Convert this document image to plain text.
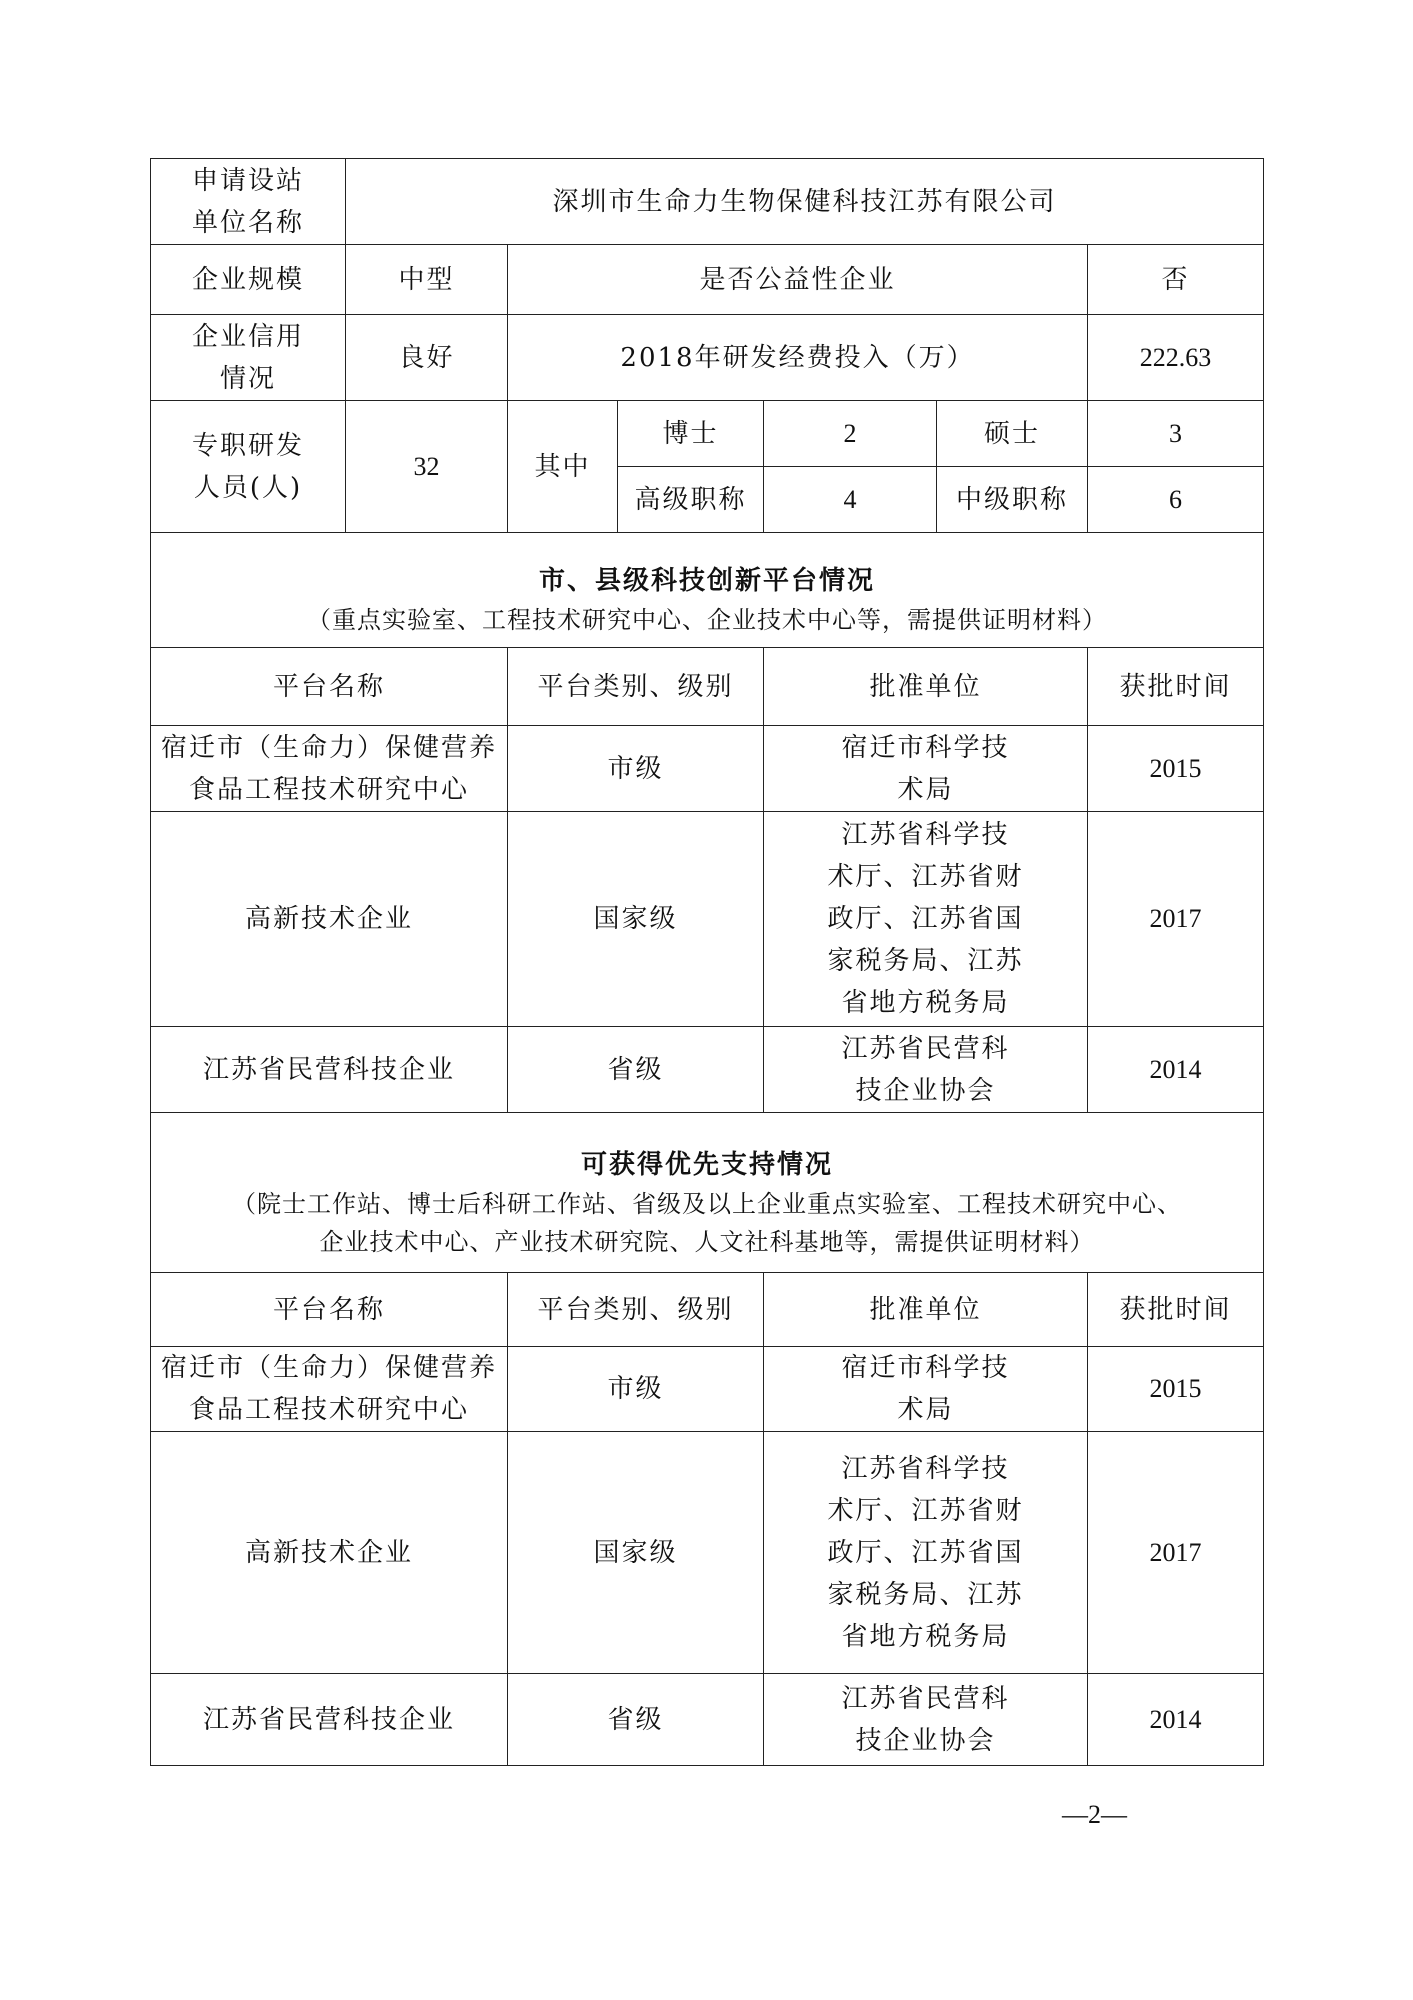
申请设站
单位名称	深圳市生命力生物保健科技江苏有限公司					
企业规模	中型	是否公益性企业				否
企业信用
情况	良好	2018年研发经费投入（万）				222.63
专职研发
人员(人)	32	其中	博士	2	硕士	3
			高级职称	4	中级职称	6

市、县级科技创新平台情况
（重点实验室、工程技术研究中心、企业技术中心等，需提供证明材料）						

平台名称		平台类别、级别		批准单位		获批时间
宿迁市（生命力）保健营养
食品工程技术研究中心		市级		宿迁市科学技
术局		2015
高新技术企业		国家级		江苏省科学技
术厅、江苏省财
政厅、江苏省国
家税务局、江苏
省地方税务局		2017
江苏省民营科技企业		省级		江苏省民营科
技企业协会		2014

可获得优先支持情况
（院士工作站、博士后科研工作站、省级及以上企业重点实验室、工程技术研究中心、
企业技术中心、产业技术研究院、人文社科基地等，需提供证明材料）						

平台名称		平台类别、级别		批准单位		获批时间
宿迁市（生命力）保健营养
食品工程技术研究中心		市级		宿迁市科学技
术局		2015
高新技术企业		国家级		江苏省科学技
术厅、江苏省财
政厅、江苏省国
家税务局、江苏
省地方税务局		2017
江苏省民营科技企业		省级		江苏省民营科
技企业协会		2014
—2—
